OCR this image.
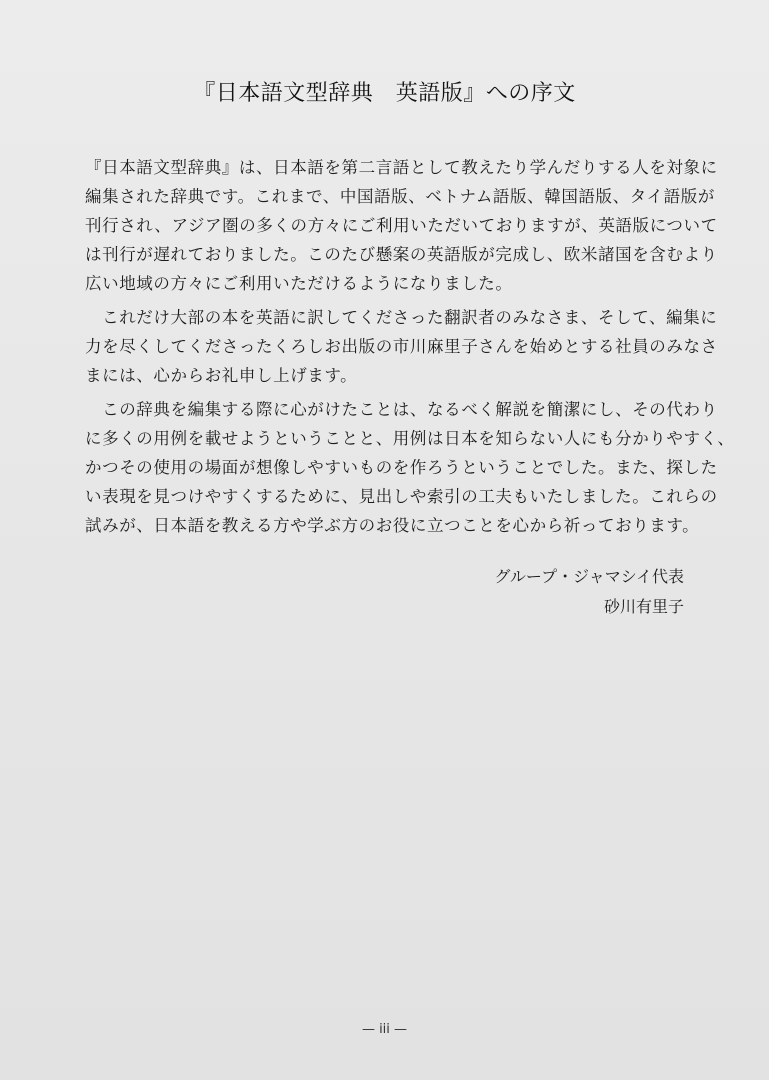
『日本語文型辞典　英語版』への序文

『日本語文型辞典』は、日本語を第二言語として教えたり学んだりする人を対象に
編集された辞典です。これまで、中国語版、ベトナム語版、韓国語版、タイ語版が
刊行され、アジア圏の多くの方々にご利用いただいておりますが、英語版について
は刊行が遅れておりました。このたび懸案の英語版が完成し、欧米諸国を含むより
広い地域の方々にご利用いただけるようになりました。

　これだけ大部の本を英語に訳してくださった翻訳者のみなさま、そして、編集に
力を尽くしてくださったくろしお出版の市川麻里子さんを始めとする社員のみなさ
まには、心からお礼申し上げます。

　この辞典を編集する際に心がけたことは、なるべく解説を簡潔にし、その代わり
に多くの用例を載せようということと、用例は日本を知らない人にも分かりやすく、
かつその使用の場面が想像しやすいものを作ろうということでした。また、探した
い表現を見つけやすくするために、見出しや索引の工夫もいたしました。これらの
試みが、日本語を教える方や学ぶ方のお役に立つことを心から祈っております。

グループ・ジャマシイ代表
砂川有里子
— iii —
